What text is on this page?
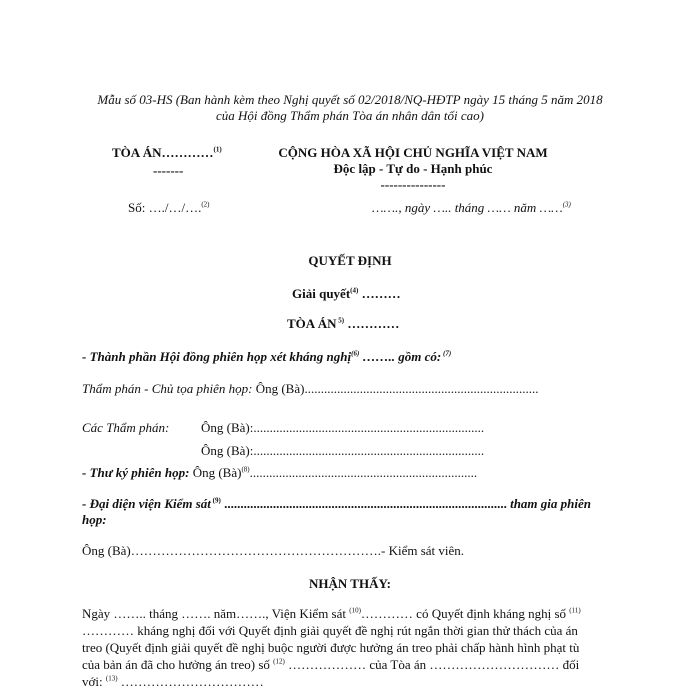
Mẫu số 03-HS (Ban hành kèm theo Nghị quyết số 02/2018/NQ-HĐTP ngày 15 tháng 5 năm 2018
của Hội đồng Thẩm phán Tòa án nhân dân tối cao)
TÒA ÁN…………$^{(1)}$
-------
Số: …./…/….$^{(2)}$
CỘNG HÒA XÃ HỘI CHỦ NGHĨA VIỆT NAM
Độc lập - Tự do - Hạnh phúc
---------------
……., ngày ….. tháng …… năm ……$^{(3)}$
QUYẾT ĐỊNH
Giải quyết$^{(4)}$ ………
TÒA ÁN $^{5)}$ …………
- Thành phần Hội đồng phiên họp xét kháng nghị$^{(6)}$ …….. gồm có: $^{(7)}$
Thẩm phán - Chủ tọa phiên họp: Ông (Bà)........................................................................
Các Thẩm phán: Ông (Bà):.......................................................................
Ông (Bà):.......................................................................
- Thư ký phiên họp: Ông (Bà)$^{(8)}$......................................................................
- Đại diện viện Kiểm sát $^{(9)}$ ....................................................................................... tham gia phiên
họp:
Ông (Bà)………………………………………………….- Kiểm sát viên.
NHẬN THẤY:
Ngày …….. tháng ……. năm……., Viện Kiểm sát $^{(10)}$………… có Quyết định kháng nghị số $^{(11)}$
………… kháng nghị đối với Quyết định giải quyết đề nghị rút ngắn thời gian thử thách của án
treo (Quyết định giải quyết đề nghị buộc người được hưởng án treo phải chấp hành hình phạt tù
của bản án đã cho hưởng án treo) số $^{(12)}$ ……………… của Tòa án ………………………… đối
với: $^{(13)}$ ……………………………
